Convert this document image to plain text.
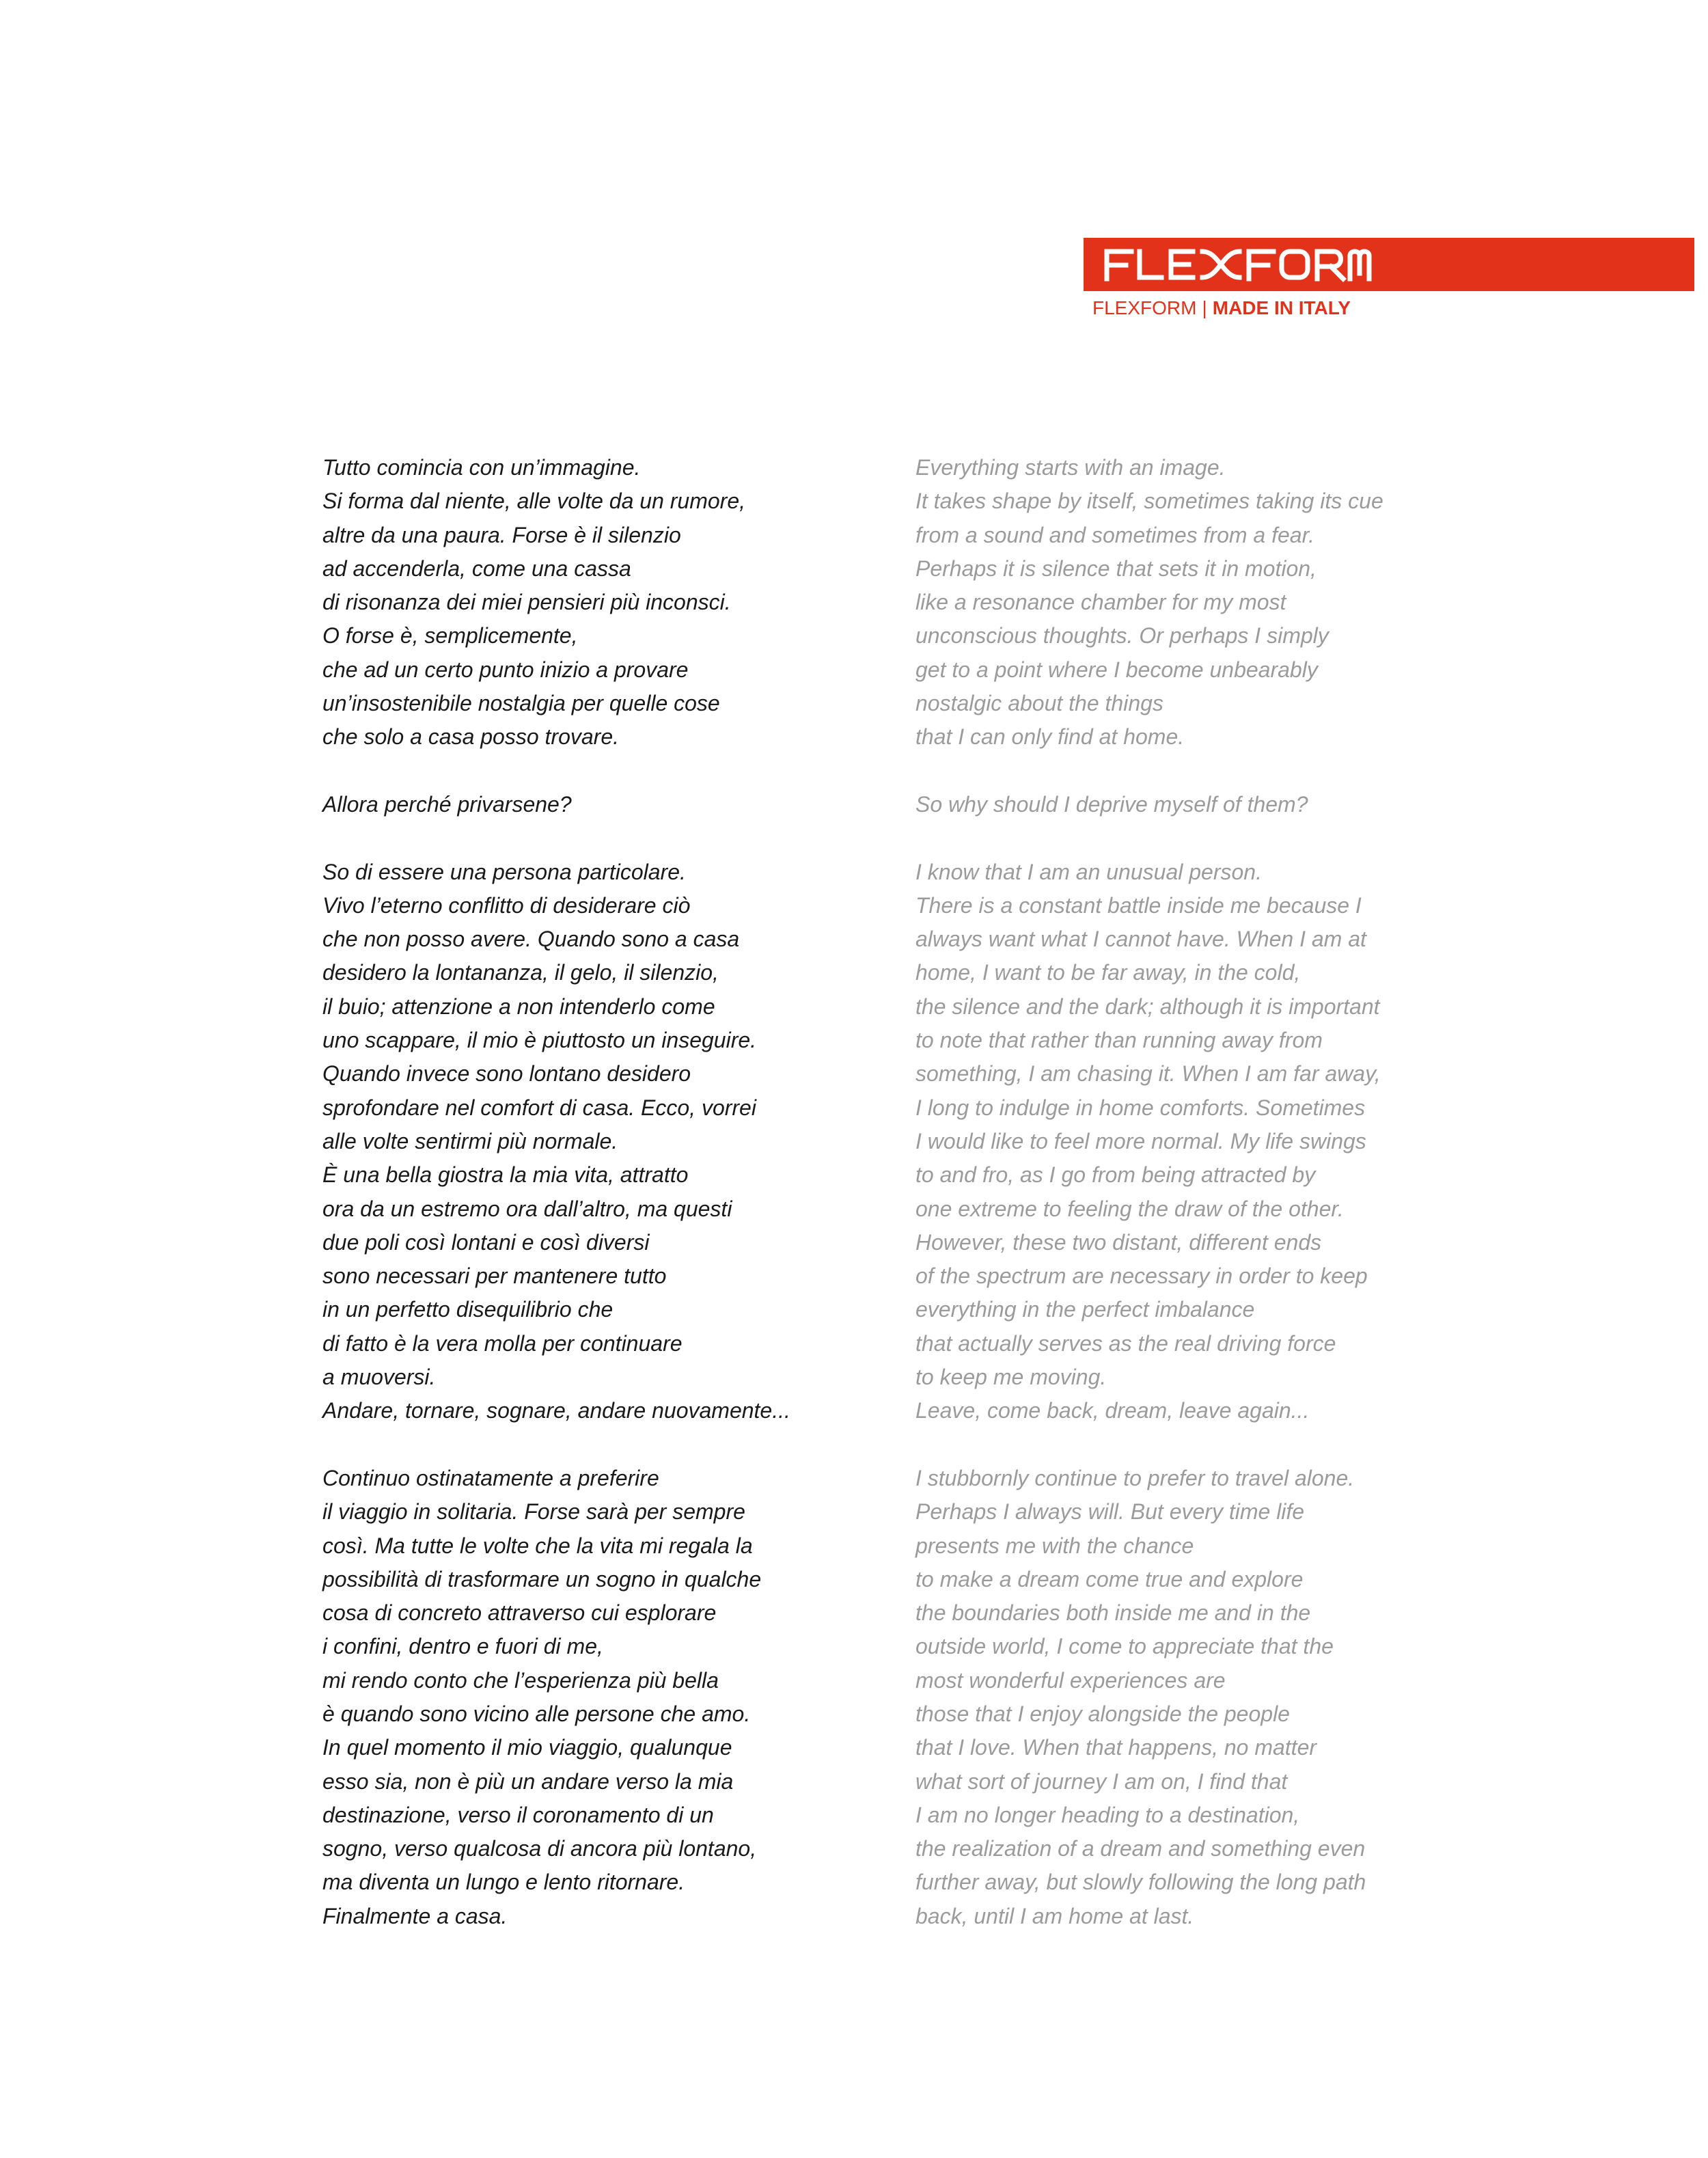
FLEXFORM | MADE IN ITALY
Tutto comincia con un’immagine.
Si forma dal niente, alle volte da un rumore,
altre da una paura. Forse è il silenzio
ad accenderla, come una cassa
di risonanza dei miei pensieri più inconsci.
O forse è, semplicemente,
che ad un certo punto inizio a provare
un’insostenibile nostalgia per quelle cose
che solo a casa posso trovare.
Allora perché privarsene?
So di essere una persona particolare.
Vivo l’eterno conflitto di desiderare ciò
che non posso avere. Quando sono a casa
desidero la lontananza, il gelo, il silenzio,
il buio; attenzione a non intenderlo come
uno scappare, il mio è piuttosto un inseguire.
Quando invece sono lontano desidero
sprofondare nel comfort di casa. Ecco, vorrei
alle volte sentirmi più normale.
È una bella giostra la mia vita, attratto
ora da un estremo ora dall’altro, ma questi
due poli così lontani e così diversi
sono necessari per mantenere tutto
in un perfetto disequilibrio che
di fatto è la vera molla per continuare
a muoversi.
Andare, tornare, sognare, andare nuovamente...
Continuo ostinatamente a preferire
il viaggio in solitaria. Forse sarà per sempre
così. Ma tutte le volte che la vita mi regala la
possibilità di trasformare un sogno in qualche
cosa di concreto attraverso cui esplorare
i confini, dentro e fuori di me,
mi rendo conto che l’esperienza più bella
è quando sono vicino alle persone che amo.
In quel momento il mio viaggio, qualunque
esso sia, non è più un andare verso la mia
destinazione, verso il coronamento di un
sogno, verso qualcosa di ancora più lontano,
ma diventa un lungo e lento ritornare.
Finalmente a casa.
Everything starts with an image.
It takes shape by itself, sometimes taking its cue
from a sound and sometimes from a fear.
Perhaps it is silence that sets it in motion,
like a resonance chamber for my most
unconscious thoughts. Or perhaps I simply
get to a point where I become unbearably
nostalgic about the things
that I can only find at home.
So why should I deprive myself of them?
I know that I am an unusual person.
There is a constant battle inside me because I
always want what I cannot have. When I am at
home, I want to be far away, in the cold,
the silence and the dark; although it is important
to note that rather than running away from
something, I am chasing it. When I am far away,
I long to indulge in home comforts. Sometimes
I would like to feel more normal. My life swings
to and fro, as I go from being attracted by
one extreme to feeling the draw of the other.
However, these two distant, different ends
of the spectrum are necessary in order to keep
everything in the perfect imbalance
that actually serves as the real driving force
to keep me moving.
Leave, come back, dream, leave again...
I stubbornly continue to prefer to travel alone.
Perhaps I always will. But every time life
presents me with the chance
to make a dream come true and explore
the boundaries both inside me and in the
outside world, I come to appreciate that the
most wonderful experiences are
those that I enjoy alongside the people
that I love. When that happens, no matter
what sort of journey I am on, I find that
I am no longer heading to a destination,
the realization of a dream and something even
further away, but slowly following the long path
back, until I am home at last.
